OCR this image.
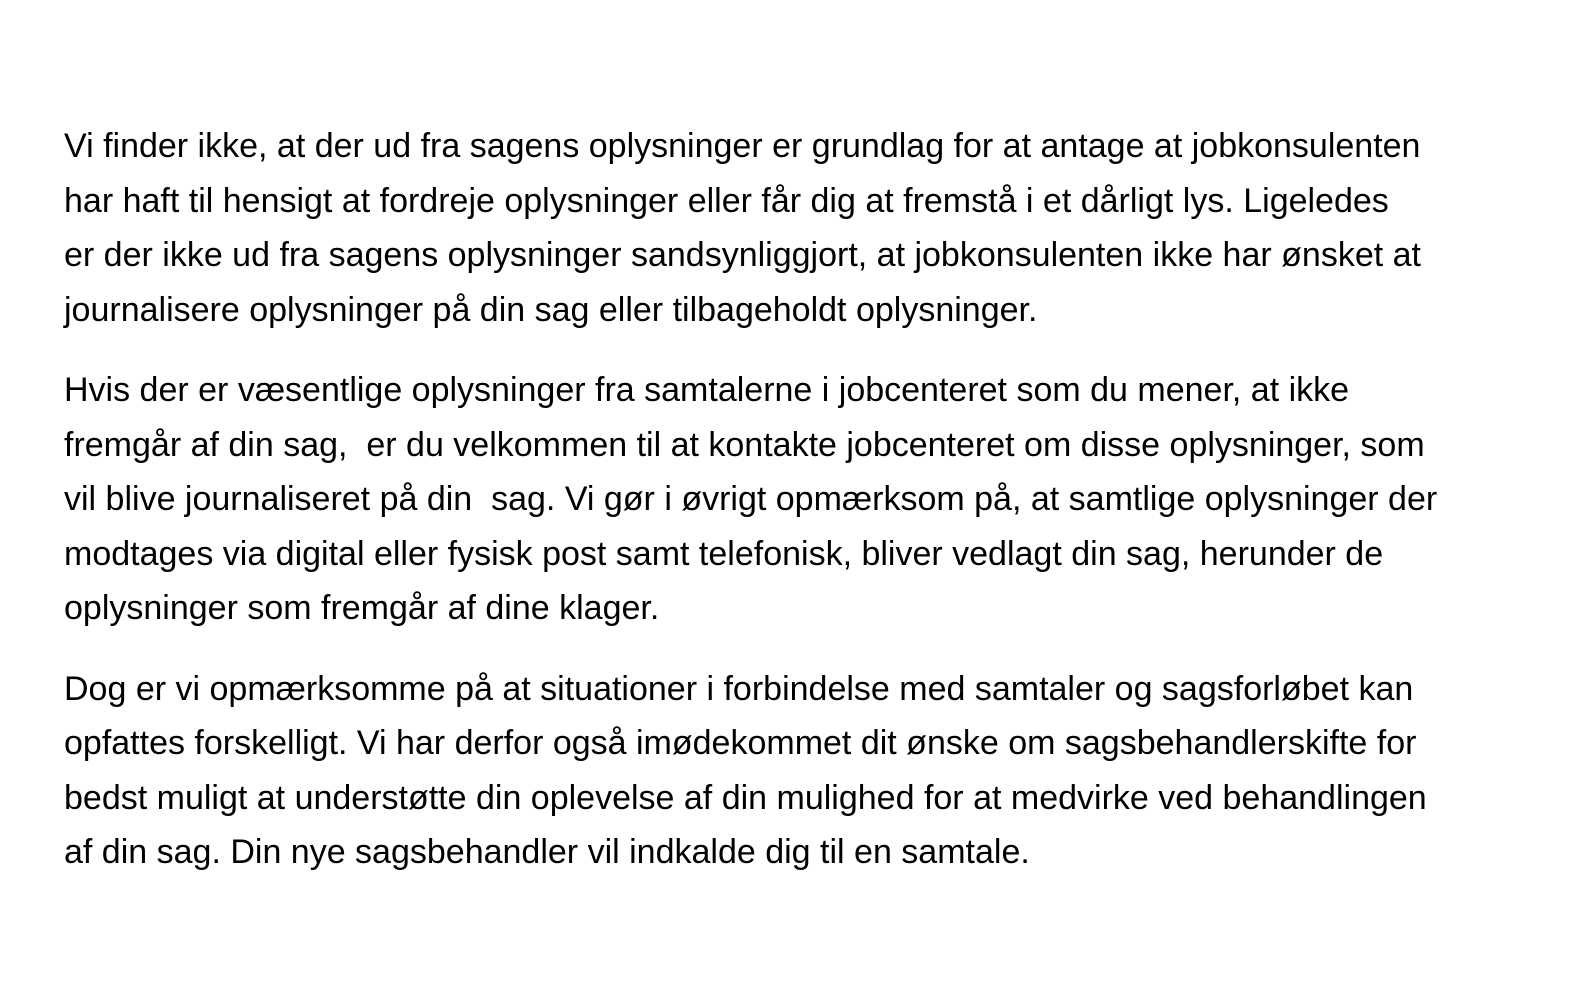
Vi finder ikke, at der ud fra sagens oplysninger er grundlag for at antage at jobkonsulenten
har haft til hensigt at fordreje oplysninger eller får dig at fremstå i et dårligt lys. Ligeledes
er der ikke ud fra sagens oplysninger sandsynliggjort, at jobkonsulenten ikke har ønsket at
journalisere oplysninger på din sag eller tilbageholdt oplysninger.

Hvis der er væsentlige oplysninger fra samtalerne i jobcenteret som du mener, at ikke
fremgår af din sag,  er du velkommen til at kontakte jobcenteret om disse oplysninger, som
vil blive journaliseret på din  sag. Vi gør i øvrigt opmærksom på, at samtlige oplysninger der
modtages via digital eller fysisk post samt telefonisk, bliver vedlagt din sag, herunder de
oplysninger som fremgår af dine klager.

Dog er vi opmærksomme på at situationer i forbindelse med samtaler og sagsforløbet kan
opfattes forskelligt. Vi har derfor også imødekommet dit ønske om sagsbehandlerskifte for
bedst muligt at understøtte din oplevelse af din mulighed for at medvirke ved behandlingen
af din sag. Din nye sagsbehandler vil indkalde dig til en samtale.
